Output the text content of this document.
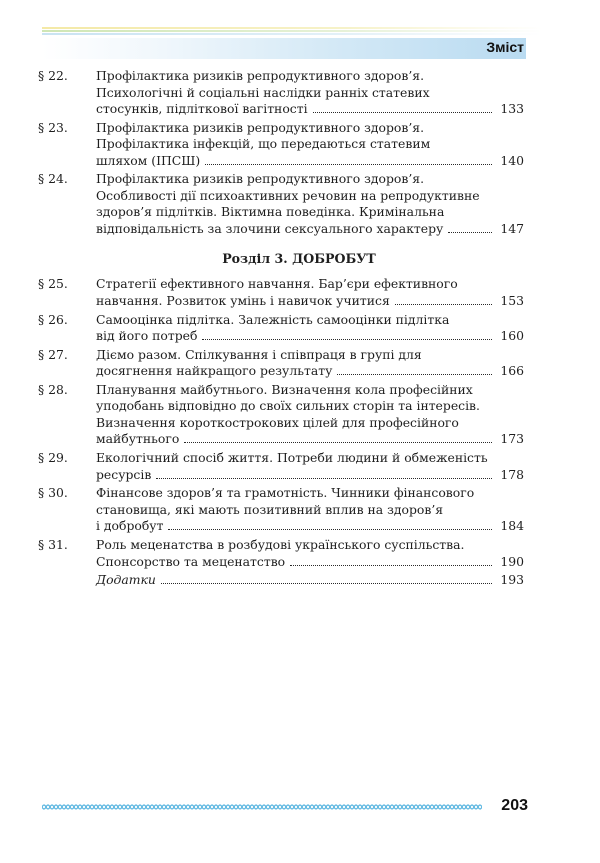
Зміст
§ 22.	Профілактика ризиків репродуктивного здоров’я.
Психологічні й соціальні наслідки ранніх статевих
стосунків, підліткової вагітності	133
§ 23.	Профілактика ризиків репродуктивного здоров’я.
Профілактика інфекцій, що передаються статевим
шляхом (ІПСШ)	140
§ 24.	Профілактика ризиків репродуктивного здоров’я.
Особливості дії психоактивних речовин на репродуктивне
здоров’я підлітків. Віктимна поведінка. Кримінальна
відповідальність за злочини сексуального характеру	147
Розділ 3. ДОБРОБУТ
§ 25.	Стратегії ефективного навчання. Бар’єри ефективного
навчання. Розвиток умінь і навичок учитися	153
§ 26.	Самооцінка підлітка. Залежність самооцінки підлітка
від його потреб	160
§ 27.	Діємо разом. Спілкування і співпраця в групі для
досягнення найкращого результату	166
§ 28.	Планування майбутнього. Визначення кола професійних
уподобань відповідно до своїх сильних сторін та інтересів.
Визначення короткострокових цілей для професійного
майбутнього	173
§ 29.	Екологічний спосіб життя. Потреби людини й обмеженість
ресурсів	178
§ 30.	Фінансове здоров’я та грамотність. Чинники фінансового
становища, які мають позитивний вплив на здоров’я
і добробут	184
§ 31.	Роль меценатства в розбудові українського суспільства.
Спонсорство та меценатство	190
Додатки	193
203
